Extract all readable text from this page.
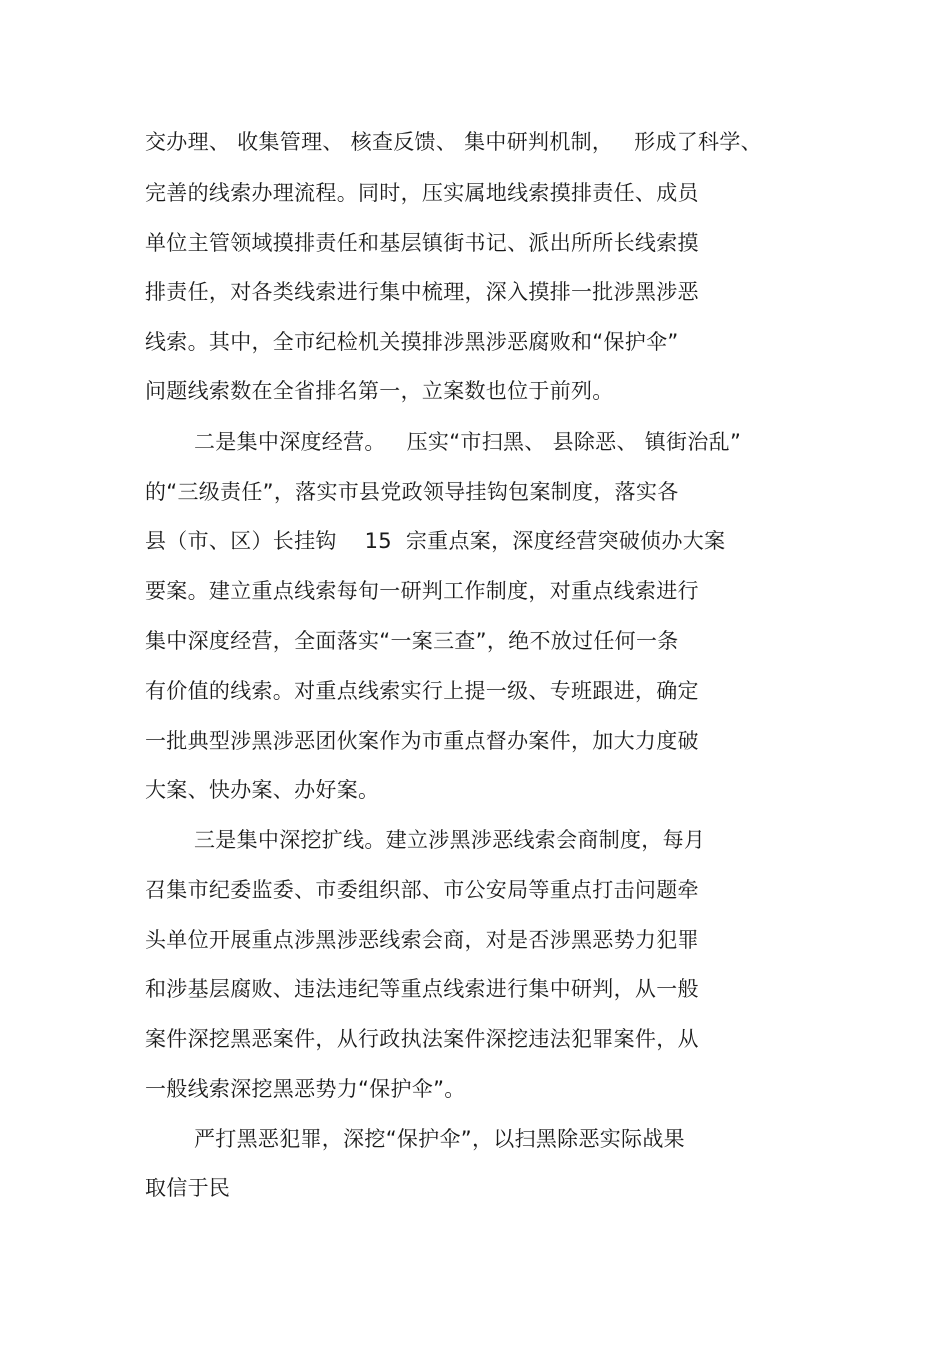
交办理、 收集管理、 核查反馈、 集中研判机制，   形成了科学、
完善的线索办理流程。同时，压实属地线索摸排责任、成员
单位主管领域摸排责任和基层镇街书记、派出所所长线索摸
排责任，对各类线索进行集中梳理，深入摸排一批涉黑涉恶
线索。其中，全市纪检机关摸排涉黑涉恶腐败和“保护伞”
问题线索数在全省排名第一，立案数也位于前列。
二是集中深度经营。   压实“市扫黑、 县除恶、 镇街治乱”
的“三级责任”，落实市县党政领导挂钩包案制度，落实各
县（市、区）长挂钩    15  宗重点案，深度经营突破侦办大案
要案。建立重点线索每旬一研判工作制度，对重点线索进行
集中深度经营，全面落实“一案三查”，绝不放过任何一条
有价值的线索。对重点线索实行上提一级、专班跟进，确定
一批典型涉黑涉恶团伙案作为市重点督办案件，加大力度破
大案、快办案、办好案。
三是集中深挖扩线。建立涉黑涉恶线索会商制度，每月
召集市纪委监委、市委组织部、市公安局等重点打击问题牵
头单位开展重点涉黑涉恶线索会商，对是否涉黑恶势力犯罪
和涉基层腐败、违法违纪等重点线索进行集中研判，从一般
案件深挖黑恶案件，从行政执法案件深挖违法犯罪案件，从
一般线索深挖黑恶势力“保护伞”。
严打黑恶犯罪，深挖“保护伞”，以扫黑除恶实际战果
取信于民
